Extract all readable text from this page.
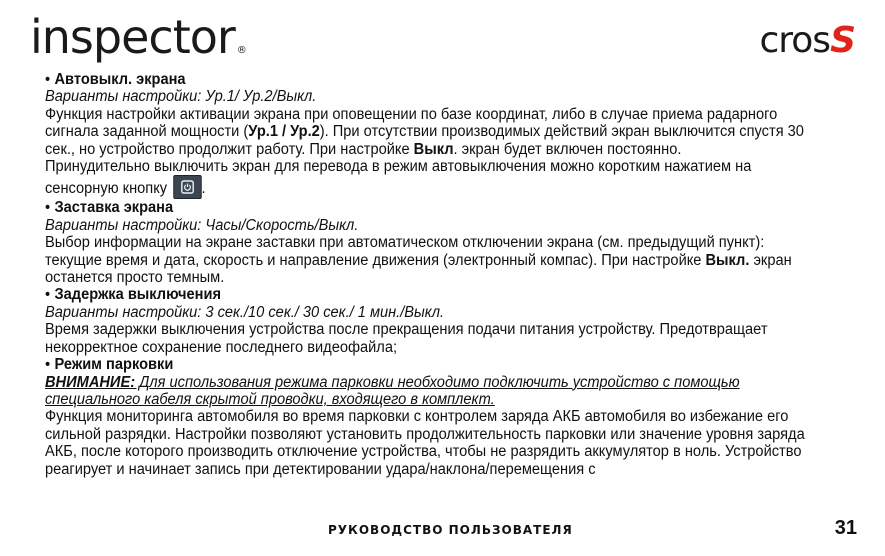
inspector ®	crosS

• Автовыкл. экрана

Варианты настройки: Ур.1/ Ур.2/Выкл.

Функция настройки активации экрана при оповещении по базе координат, либо в случае приема радарного сигнала заданной мощности (Ур.1 / Ур.2). При отсутствии производимых действий экран выключится спустя 30 сек., но устройство продолжит работу. При настройке Выкл. экран будет включен постоянно.

Принудительно выключить экран для перевода в режим автовыключения можно коротким нажатием на сенсорную кнопку .

• Заставка экрана

Варианты настройки: Часы/Скорость/Выкл.

Выбор информации на экране заставки при автоматическом отключении экрана (см. предыдущий пункт): текущие время и дата, скорость и направление движения (электронный компас). При настройке Выкл. экран останется просто темным.

• Задержка выключения

Варианты настройки: 3 сек./10 сек./ 30 сек./ 1 мин./Выкл.

Время задержки выключения устройства после прекращения подачи питания устройству. Предотвращает некорректное сохранение последнего видеофайла;

• Режим парковки

ВНИМАНИЕ: Для использования режима парковки необходимо подключить устройство с помощью специального кабеля скрытой проводки, входящего в комплект.

Функция мониторинга автомобиля во время парковки с контролем заряда АКБ автомобиля во избежание его сильной разрядки. Настройки позволяют установить продолжительность парковки или значение уровня заряда АКБ, после которого производить отключение устройства, чтобы не разрядить аккумулятор в ноль. Устройство реагирует и начинает запись при детектировании удара/наклона/перемещения с

РУКОВОДСТВО ПОЛЬЗОВАТЕЛЯ	31
